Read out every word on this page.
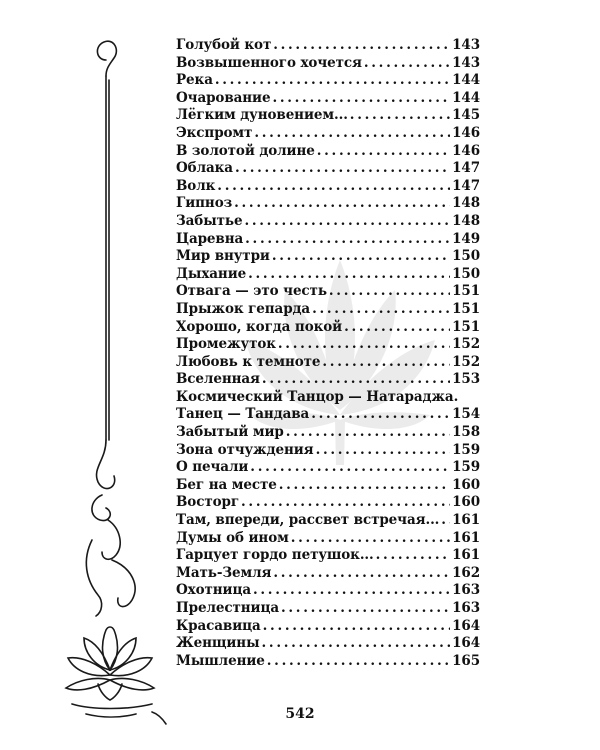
Голубой кот . . .	143
Возвышенного хочется . . .	143
Река . . .	144
Очарование . . .	144
Лёгким дуновением... . . .	145
Экспромт . . .	146
В золотой долине . . .	146
Облака . . .	147
Волк . . .	147
Гипноз . . .	148
Забытье . . .	148
Царевна . . .	149
Мир внутри . . .	150
Дыхание . . .	150
Отвага — это честь . . .	151
Прыжок гепарда . . .	151
Хорошо, когда покой . . .	151
Промежуток . . .	152
Любовь к темноте . . .	152
Вселенная . . .	153
Космический Танцор — Натараджа.
Танец — Тандава . . .	154
Забытый мир . . .	158
Зона отчуждения . . .	159
О печали . . .	159
Бег на месте . . .	160
Восторг . . .	160
Там, впереди, рассвет встречая... . . . 161
Думы об ином . . .	161
Гарцует гордо петушок... . . .	161
Мать-Земля . . .	162
Охотница . . .	163
Прелестница . . .	163
Красавица . . .	164
Женщины . . .	164
Мышление . . .	165
542
